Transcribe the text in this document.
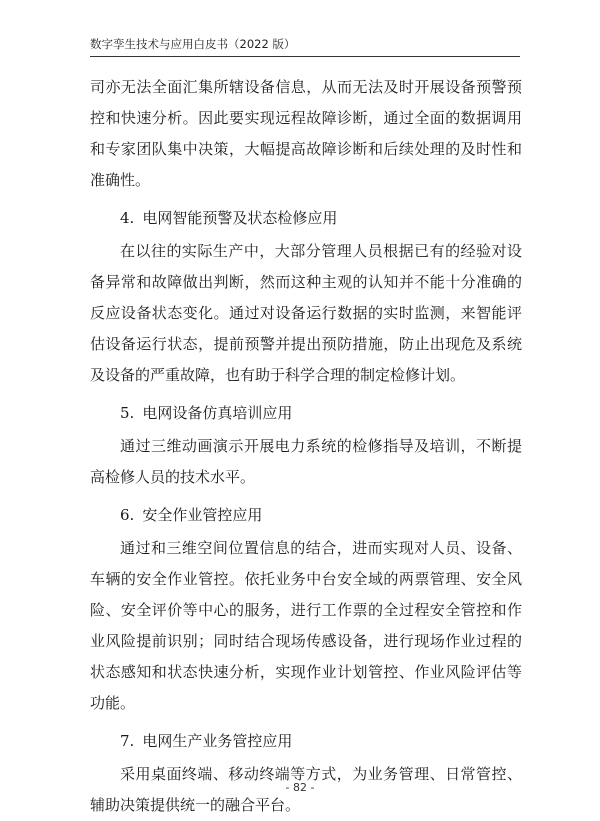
数字孪生技术与应用白皮书（2022 版）

司亦无法全面汇集所辖设备信息，从而无法及时开展设备预警预控和快速分析。因此要实现远程故障诊断，通过全面的数据调用和专家团队集中决策，大幅提高故障诊断和后续处理的及时性和准确性。

4. 电网智能预警及状态检修应用

在以往的实际生产中，大部分管理人员根据已有的经验对设备异常和故障做出判断，然而这种主观的认知并不能十分准确的反应设备状态变化。通过对设备运行数据的实时监测，来智能评估设备运行状态，提前预警并提出预防措施，防止出现危及系统及设备的严重故障，也有助于科学合理的制定检修计划。

5. 电网设备仿真培训应用

通过三维动画演示开展电力系统的检修指导及培训，不断提高检修人员的技术水平。

6. 安全作业管控应用

通过和三维空间位置信息的结合，进而实现对人员、设备、车辆的安全作业管控。依托业务中台安全域的两票管理、安全风险、安全评价等中心的服务，进行工作票的全过程安全管控和作业风险提前识别；同时结合现场传感设备，进行现场作业过程的状态感知和状态快速分析，实现作业计划管控、作业风险评估等功能。

7. 电网生产业务管控应用

采用桌面终端、移动终端等方式，为业务管理、日常管控、辅助决策提供统一的融合平台。

- 82 -
